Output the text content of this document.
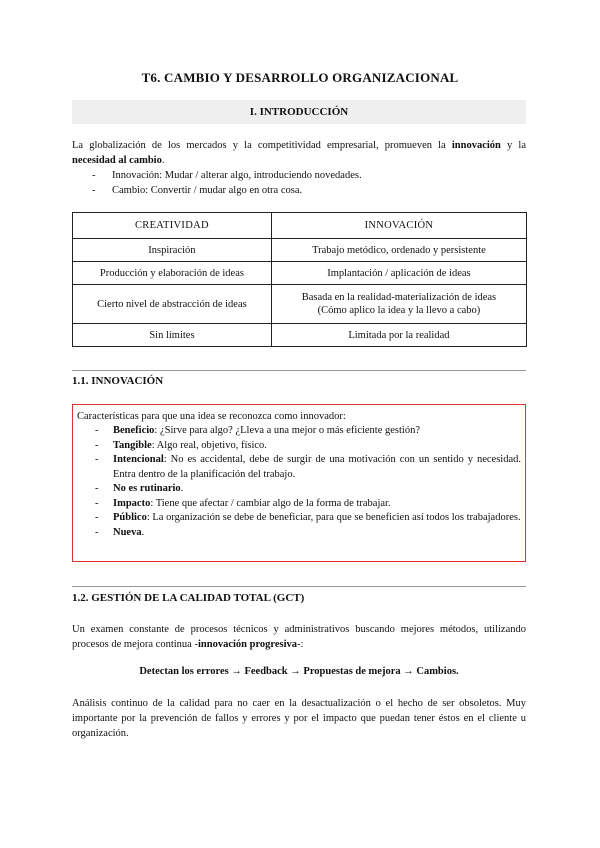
T6. CAMBIO Y DESARROLLO ORGANIZACIONAL
I. INTRODUCCIÓN
La globalización de los mercados y la competitividad empresarial, promueven la innovación y la necesidad al cambio.
- Innovación: Mudar / alterar algo, introduciendo novedades.
- Cambio: Convertir / mudar algo en otra cosa.
CREATIVIDAD	INNOVACIÓN
Inspiración	Trabajo metódico, ordenado y persistente
Producción y elaboración de ideas	Implantación / aplicación de ideas
Cierto nivel de abstracción de ideas	Basada en la realidad-materialización de ideas
(Cómo aplico la idea y la llevo a cabo)
Sin límites	Limitada por la realidad
1.1. INNOVACIÓN
Características para que una idea se reconozca como innovador:
- Beneficio: ¿Sirve para algo? ¿Lleva a una mejor o más eficiente gestión?
- Tangible: Algo real, objetivo, físico.
- Intencional: No es accidental, debe de surgir de una motivación con un sentido y necesidad. Entra dentro de la planificación del trabajo.
- No es rutinario.
- Impacto: Tiene que afectar / cambiar algo de la forma de trabajar.
- Público: La organización se debe de beneficiar, para que se beneficien así todos los trabajadores.
- Nueva.
1.2. GESTIÓN DE LA CALIDAD TOTAL (GCT)
Un examen constante de procesos técnicos y administrativos buscando mejores métodos, utilizando procesos de mejora continua -innovación progresiva-:
Detectan los errores → Feedback → Propuestas de mejora → Cambios.
Análisis continuo de la calidad para no caer en la desactualización o el hecho de ser obsoletos. Muy importante por la prevención de fallos y errores y por el impacto que puedan tener éstos en el cliente u organización.
